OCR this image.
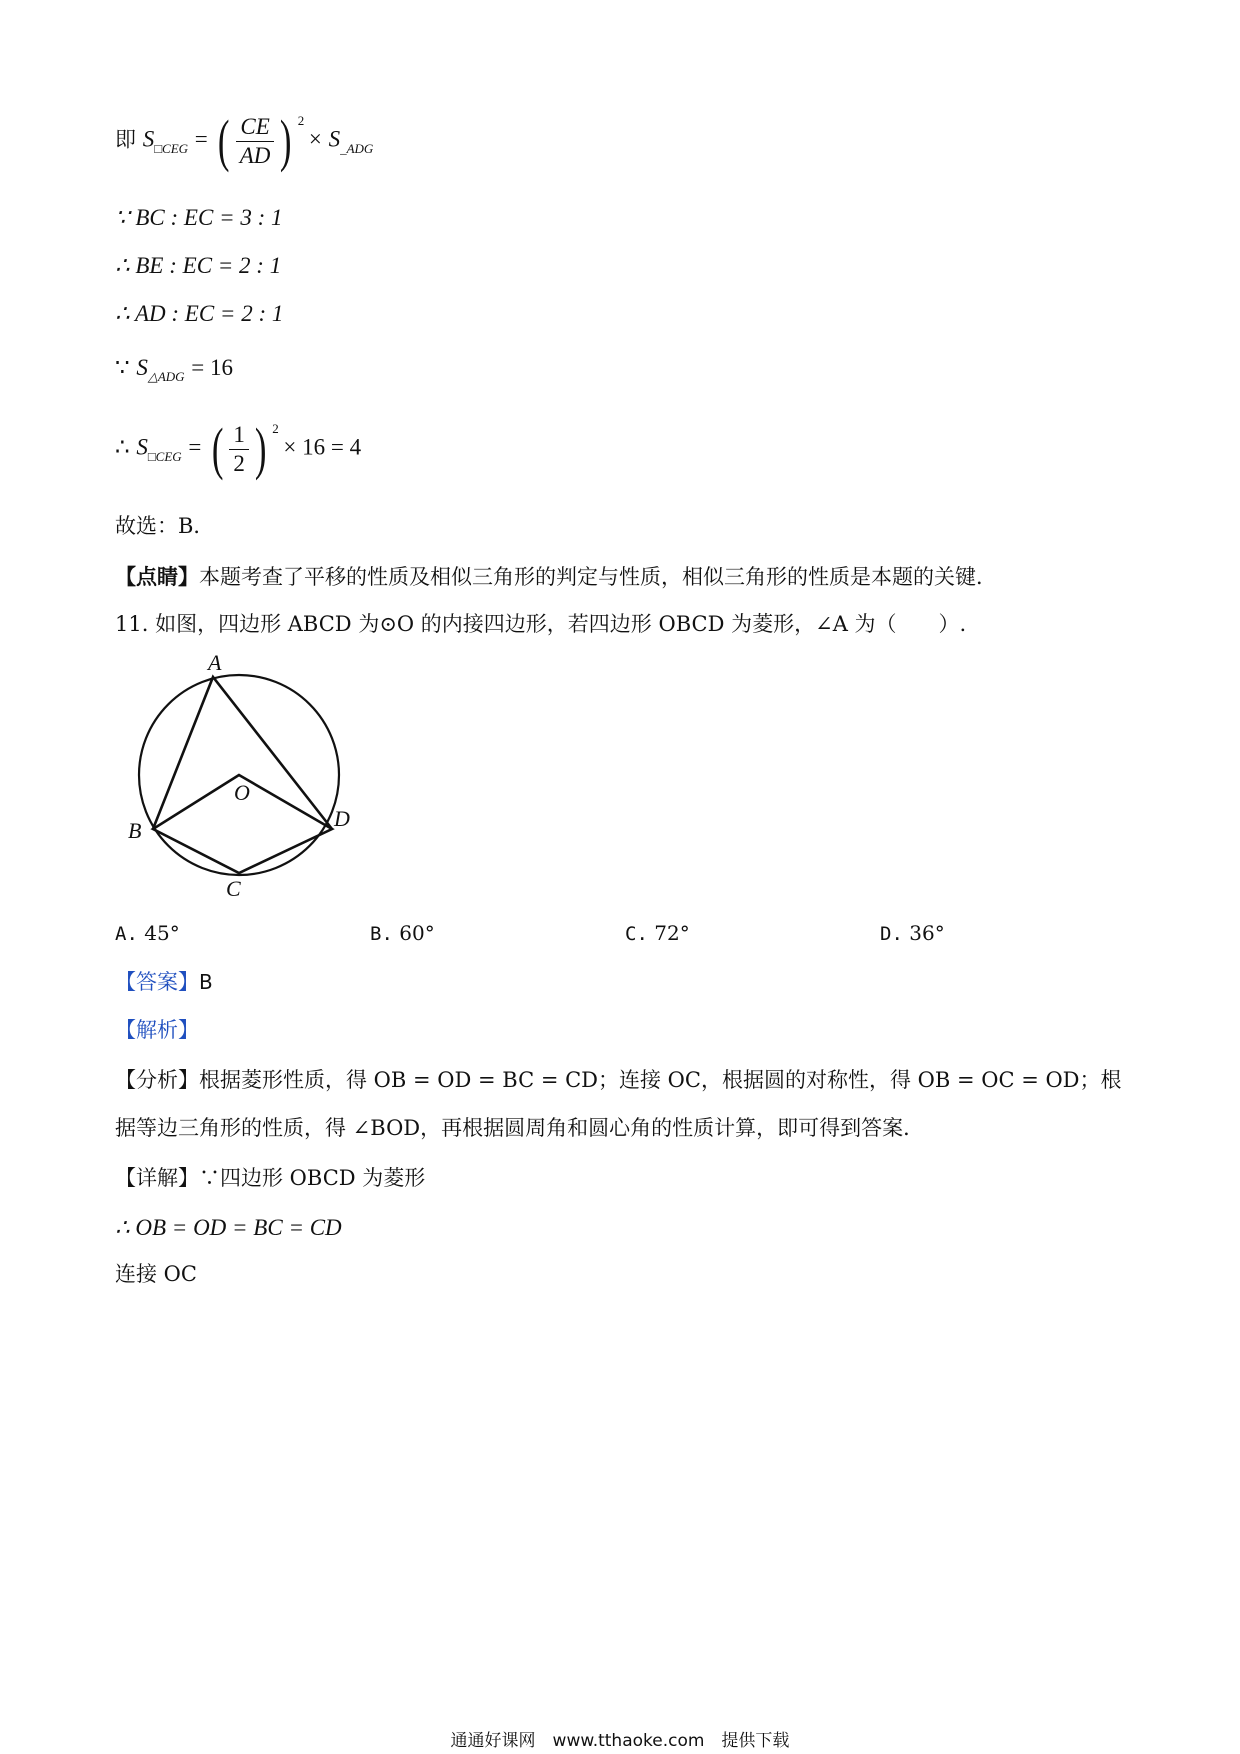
即 $S_{□CEG}$ = ( $\frac{CE}{AD}$ ) $^2 \times S_{\_ADG}$
∵ BC : EC = 3 : 1
∴ BE : EC = 2 : 1
∴ AD : EC = 2 : 1
∵ $S_{\triangle ADG} = 16$
∴ $S_{□CEG}$ = ( $\frac{1}{2}$ ) $^2$ × 16 = 4
故选：B．
【点睛】本题考查了平移的性质及相似三角形的判定与性质，相似三角形的性质是本题的关键．
11. 如图，四边形 ABCD 为⊙O 的内接四边形，若四边形 OBCD 为菱形，∠A 为（　　）.
A
O
B	D
C
A. 45°	B. 60°	C. 72°	D. 36°
【答案】B
【解析】
【分析】根据菱形性质，得 OB = OD = BC = CD；连接 OC，根据圆的对称性，得 OB = OC = OD；根
据等边三角形的性质，得 ∠BOD，再根据圆周角和圆心角的性质计算，即可得到答案．
【详解】∵四边形 OBCD 为菱形
∴ OB = OD = BC = CD
连接 OC
通通好课网　www.tthaoke.com　提供下载
